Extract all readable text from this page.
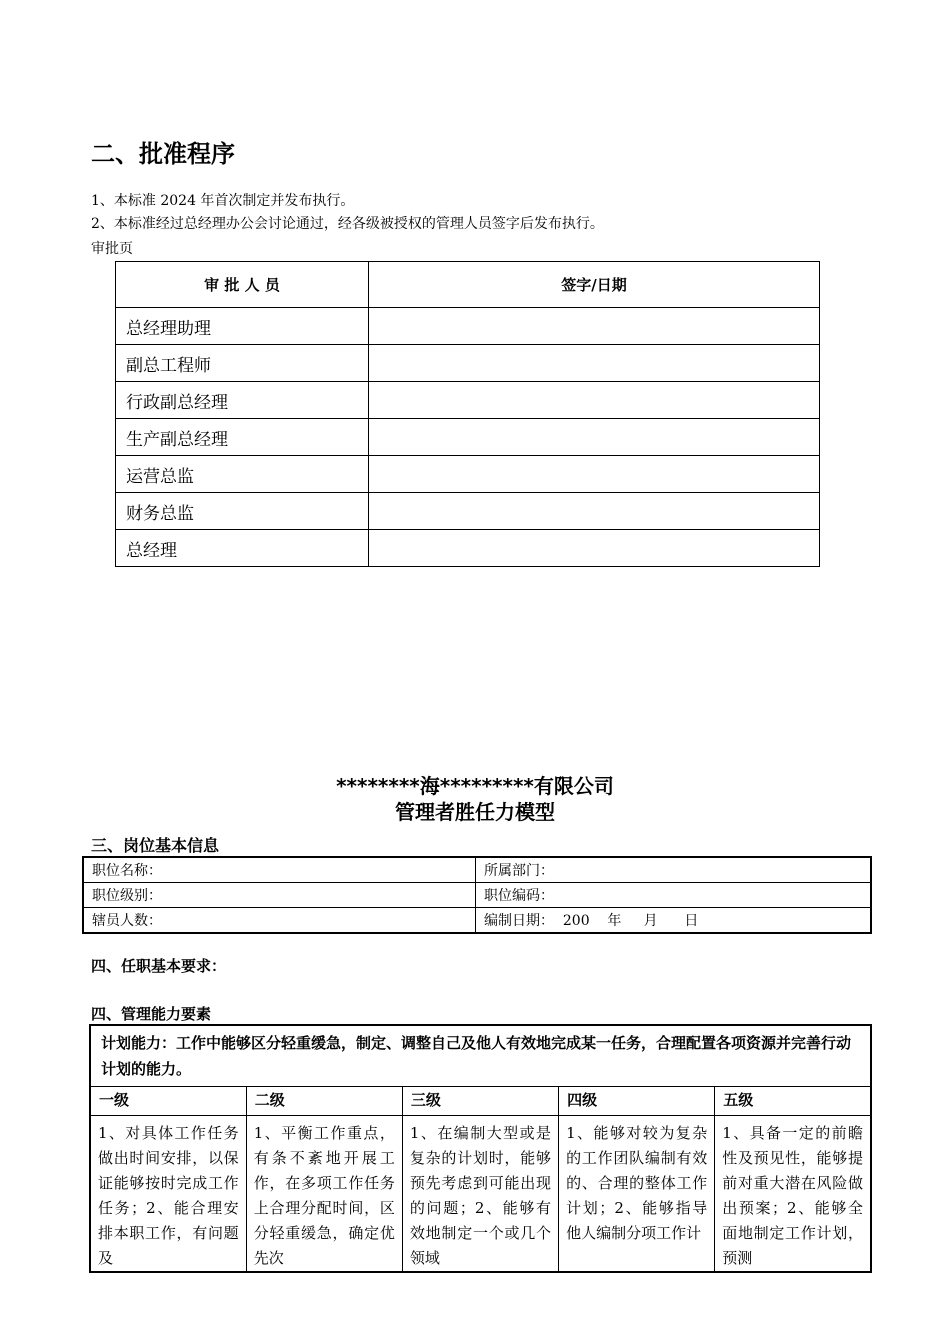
二、批准程序
1、本标准 2024 年首次制定并发布执行。
2、本标准经过总经理办公会讨论通过，经各级被授权的管理人员签字后发布执行。
审批页
审 批 人 员	签字/日期
总经理助理	
副总工程师	
行政副总经理	
生产副总经理	
运营总监	
财务总监	
总经理	
********海*********有限公司
管理者胜任力模型
三、岗位基本信息
职位名称：	所属部门：
职位级别：	职位编码：
辖员人数：	编制日期：  200    年     月      日
四、任职基本要求：
四、管理能力要素
计划能力：工作中能够区分轻重缓急，制定、调整自己及他人有效地完成某一任务，合理配置各项资源并完善行动计划的能力。				
一级	二级	三级	四级	五级

1、对具体工作任务做出时间安排，以保证能够按时完成工作任务；2、能合理安排本职工作，有问题及	1、平衡工作重点，有条不紊地开展工作，在多项工作任务上合理分配时间，区分轻重缓急，确定优先次	1、在编制大型或是复杂的计划时，能够预先考虑到可能出现的问题；2、能够有效地制定一个或几个领域	1、能够对较为复杂的工作团队编制有效的、合理的整体工作计划；2、能够指导他人编制分项工作计	1、具备一定的前瞻性及预见性，能够提前对重大潜在风险做出预案；2、能够全面地制定工作计划，预测
